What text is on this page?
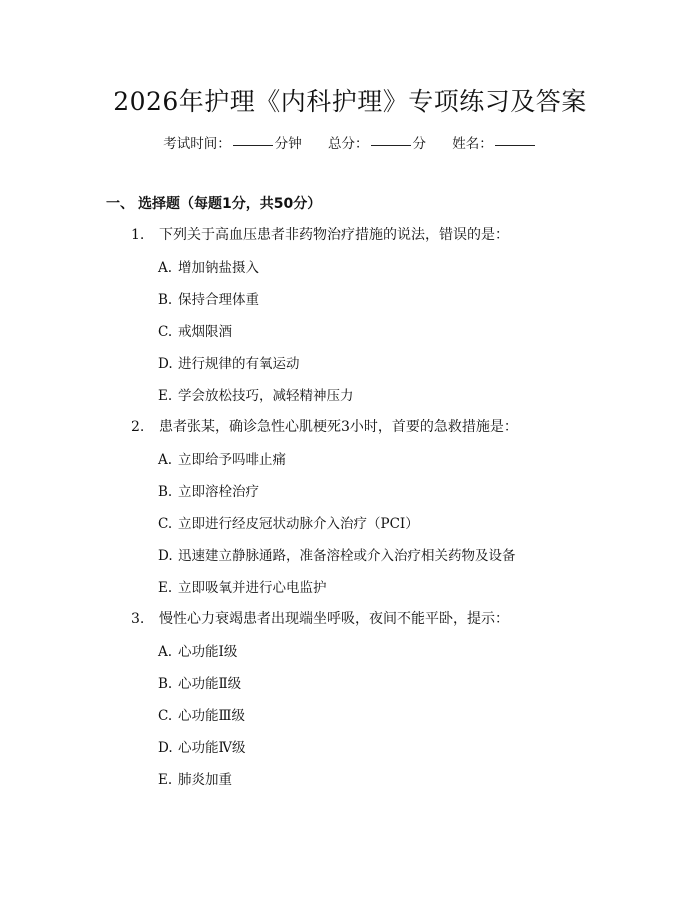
2026年护理《内科护理》专项练习及答案
考试时间：	分钟 总分：	分 姓名：
一、 选择题（每题1分，共50分）
1. 下列关于高血压患者非药物治疗措施的说法，错误的是：
A. 增加钠盐摄入
B. 保持合理体重
C. 戒烟限酒
D. 进行规律的有氧运动
E. 学会放松技巧，减轻精神压力
2. 患者张某，确诊急性心肌梗死3小时，首要的急救措施是：
A. 立即给予吗啡止痛
B. 立即溶栓治疗
C. 立即进行经皮冠状动脉介入治疗（PCI）
D. 迅速建立静脉通路，准备溶栓或介入治疗相关药物及设备
E. 立即吸氧并进行心电监护
3. 慢性心力衰竭患者出现端坐呼吸，夜间不能平卧，提示：
A. 心功能Ⅰ级
B. 心功能Ⅱ级
C. 心功能Ⅲ级
D. 心功能Ⅳ级
E. 肺炎加重
